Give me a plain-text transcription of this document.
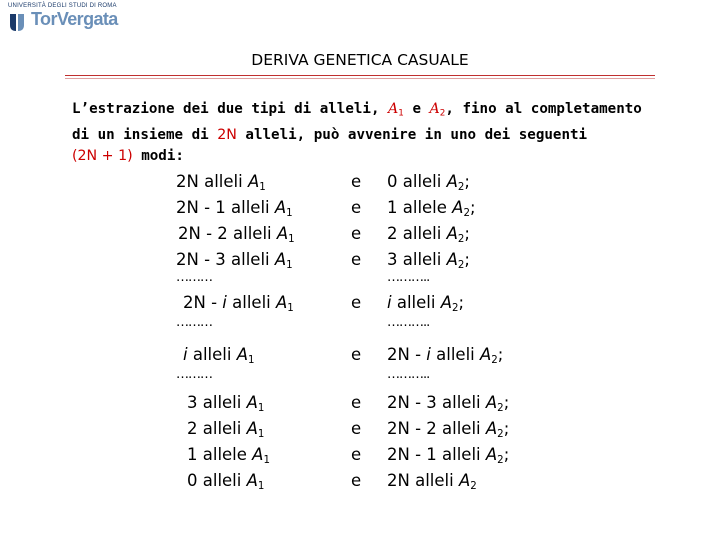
UNIVERSITÀ DEGLI STUDI DI ROMA
TorVergata
DERIVA GENETICA CASUALE
L’estrazione dei due tipi di alleli, $A_1$ e $A_2$, fino al completamento
di un insieme di 2N alleli, può avvenire in uno dei seguenti
(2N + 1) modi:
2N alleli $A_1$	e 0 alleli $A_2$;
2N - 1 alleli $A_1$	e 1 allele $A_2$;
2N - 2 alleli $A_1$	e 2 alleli $A_2$;
2N - 3 alleli $A_1$	e 3 alleli $A_2$;
………	………..
2N - i alleli $A_1$	e i alleli $A_2$;
………	………..
i alleli $A_1$	e 2N - i alleli $A_2$;
………	………..
3 alleli $A_1$	e 2N - 3 alleli $A_2$;
2 alleli $A_1$	e 2N - 2 alleli $A_2$;
1 allele $A_1$	e 2N - 1 alleli $A_2$;
0 alleli $A_1$	e 2N alleli $A_2$
